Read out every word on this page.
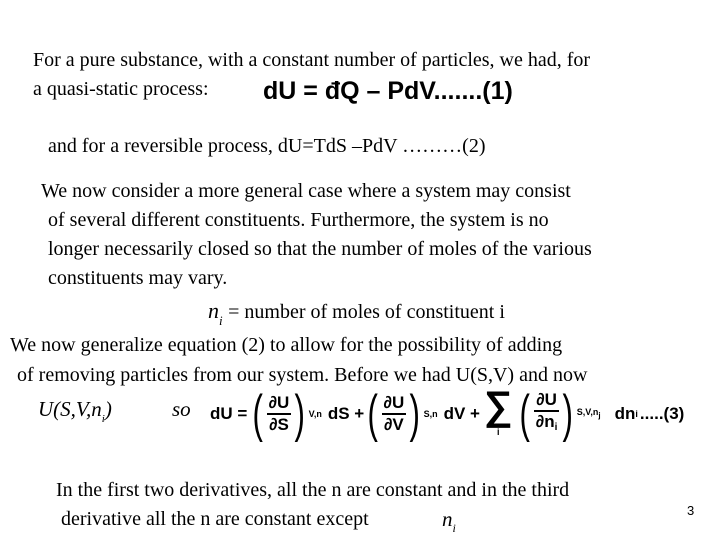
For a pure substance, with a constant number of particles, we had, for
a quasi-static process: dU = đQ – PdV.......(1)
and for a reversible process, dU=TdS –PdV ………(2)
We now consider a more general case where a system may consist
of several different constituents. Furthermore, the system is no
longer necessarily closed so that the number of moles of the various
constituents may vary.
$n_i$ = number of moles of constituent i
We now generalize equation (2) to allow for the possibility of adding
of removing particles from our system. Before we had U(S,V) and now
$U(S,V,n_i)$	so dU = ( $\frac{\partial U}{\partial S}$ ) V,n dS + ( $\frac{\partial U}{\partial V}$ ) S,n dV + ∑
i ( $\frac{\partial U}{\partial ni}$ ) S,V,nj dn i .....(3)
In the first two derivatives, all the n are constant and in the third
derivative all the n are constant except	$n_i$
3
